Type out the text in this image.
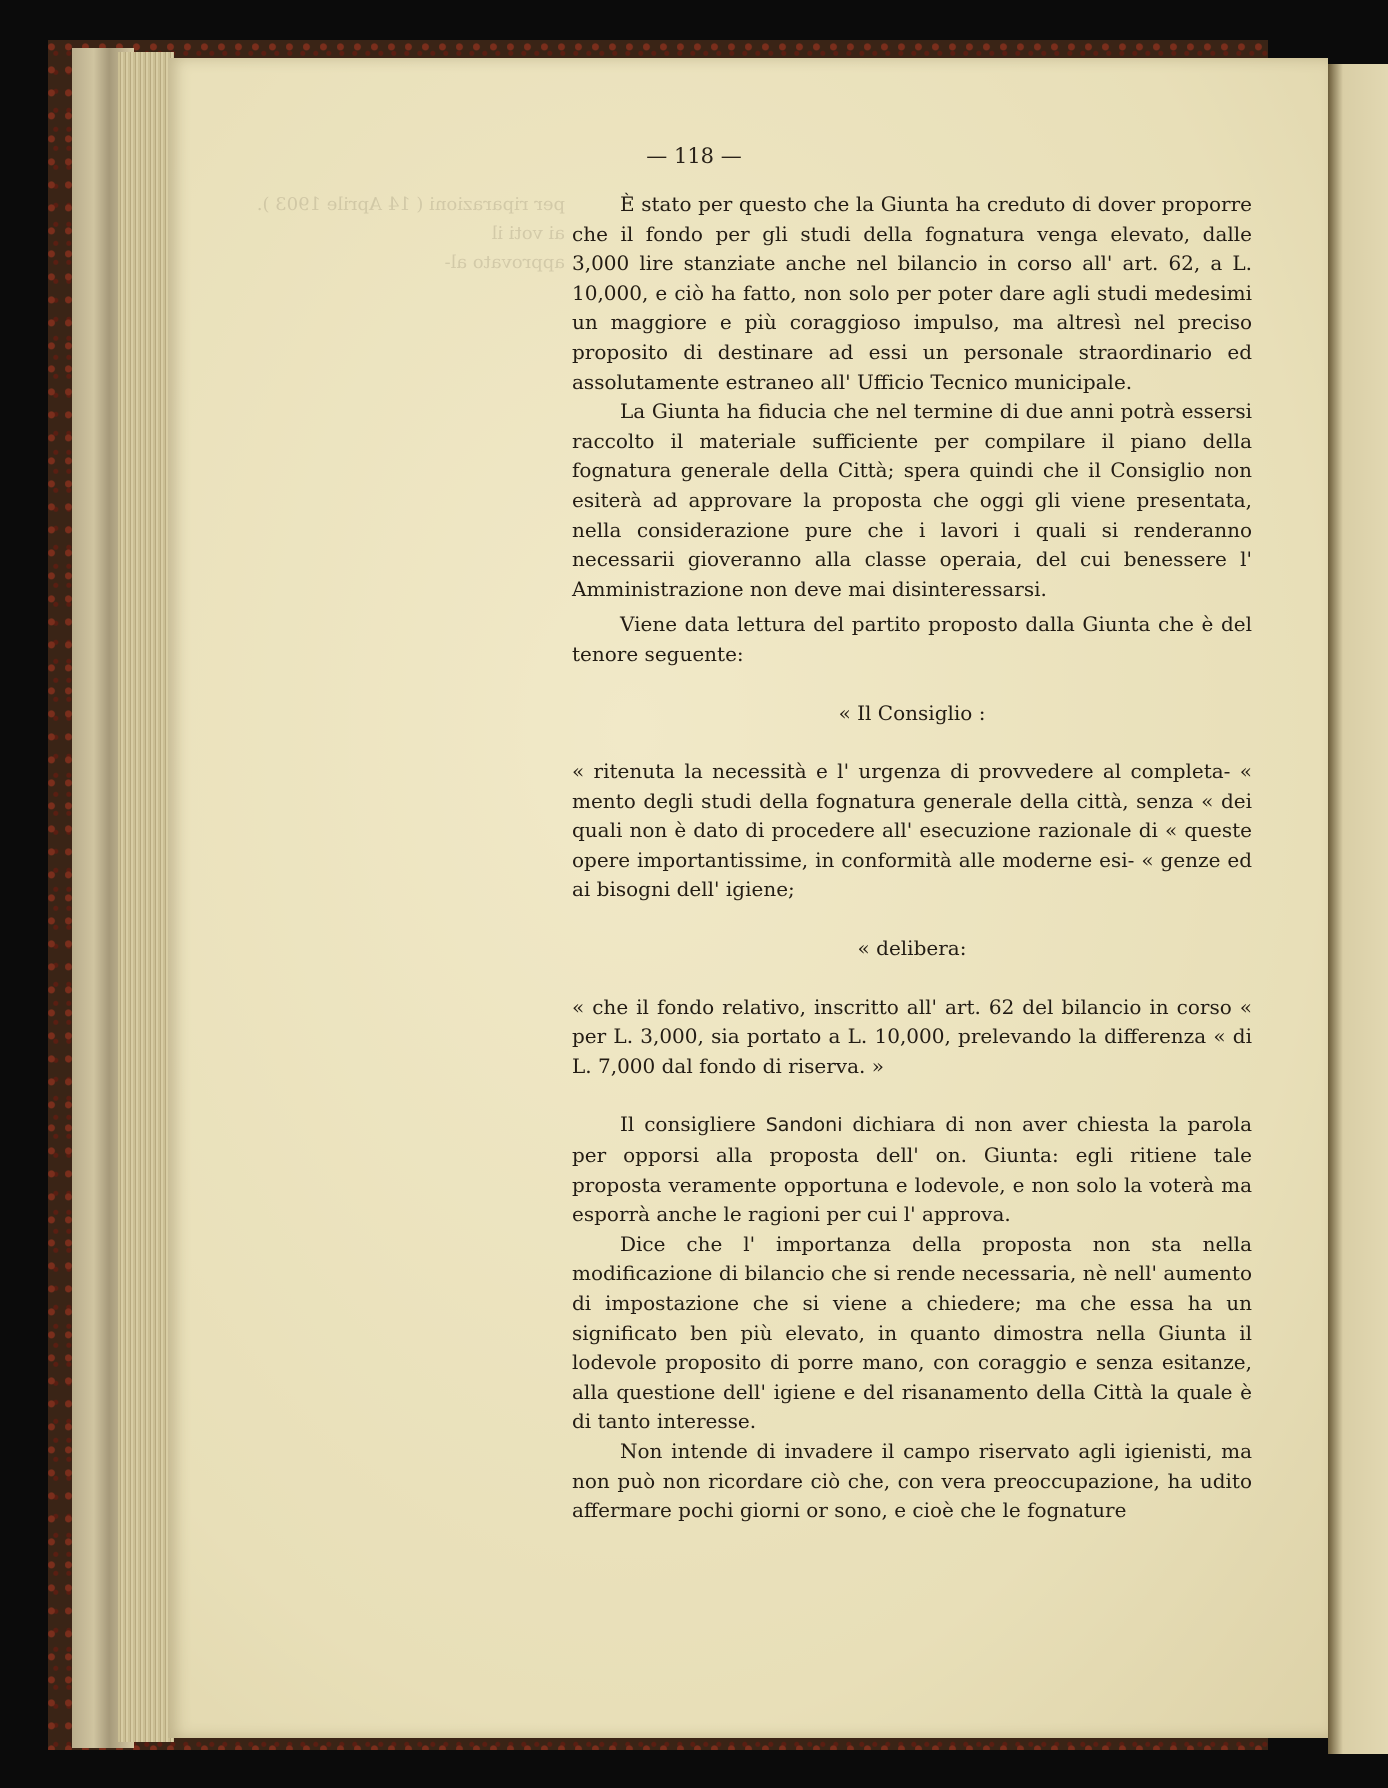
per riparazioni ( 14 Aprile 1903 ).
ai voti il
approvato al-
— 118 —

È stato per questo che la Giunta ha creduto di dover proporre che il fondo per gli studi della fognatura venga elevato, dalle 3,000 lire stanziate anche nel bilancio in corso all' art. 62, a L. 10,000, e ciò ha fatto, non solo per poter dare agli studi medesimi un maggiore e più coraggioso impulso, ma altresì nel preciso proposito di destinare ad essi un personale straordinario ed assolutamente estraneo all' Ufficio Tecnico municipale.

La Giunta ha fiducia che nel termine di due anni potrà essersi raccolto il materiale sufficiente per compilare il piano della fognatura generale della Città; spera quindi che il Consiglio non esiterà ad approvare la proposta che oggi gli viene presentata, nella considerazione pure che i lavori i quali si renderanno necessarii gioveranno alla classe operaia, del cui benessere l' Amministrazione non deve mai disinteressarsi.

Viene data lettura del partito proposto dalla Giunta che è del tenore seguente:

« Il Consiglio :

« ritenuta la necessità e l' urgenza di provvedere al completa- « mento degli studi della fognatura generale della città, senza « dei quali non è dato di procedere all' esecuzione razionale di « queste opere importantissime, in conformità alle moderne esi- « genze ed ai bisogni dell' igiene;

« delibera:

« che il fondo relativo, inscritto all' art. 62 del bilancio in corso « per L. 3,000, sia portato a L. 10,000, prelevando la differenza « di L. 7,000 dal fondo di riserva. »

Il consigliere Sandoni dichiara di non aver chiesta la parola per opporsi alla proposta dell' on. Giunta: egli ritiene tale proposta veramente opportuna e lodevole, e non solo la voterà ma esporrà anche le ragioni per cui l' approva.

Dice che l' importanza della proposta non sta nella modificazione di bilancio che si rende necessaria, nè nell' aumento di impostazione che si viene a chiedere; ma che essa ha un significato ben più elevato, in quanto dimostra nella Giunta il lodevole proposito di porre mano, con coraggio e senza esitanze, alla questione dell' igiene e del risanamento della Città la quale è di tanto interesse.

Non intende di invadere il campo riservato agli igienisti, ma non può non ricordare ciò che, con vera preoccupazione, ha udito affermare pochi giorni or sono, e cioè che le fognature
